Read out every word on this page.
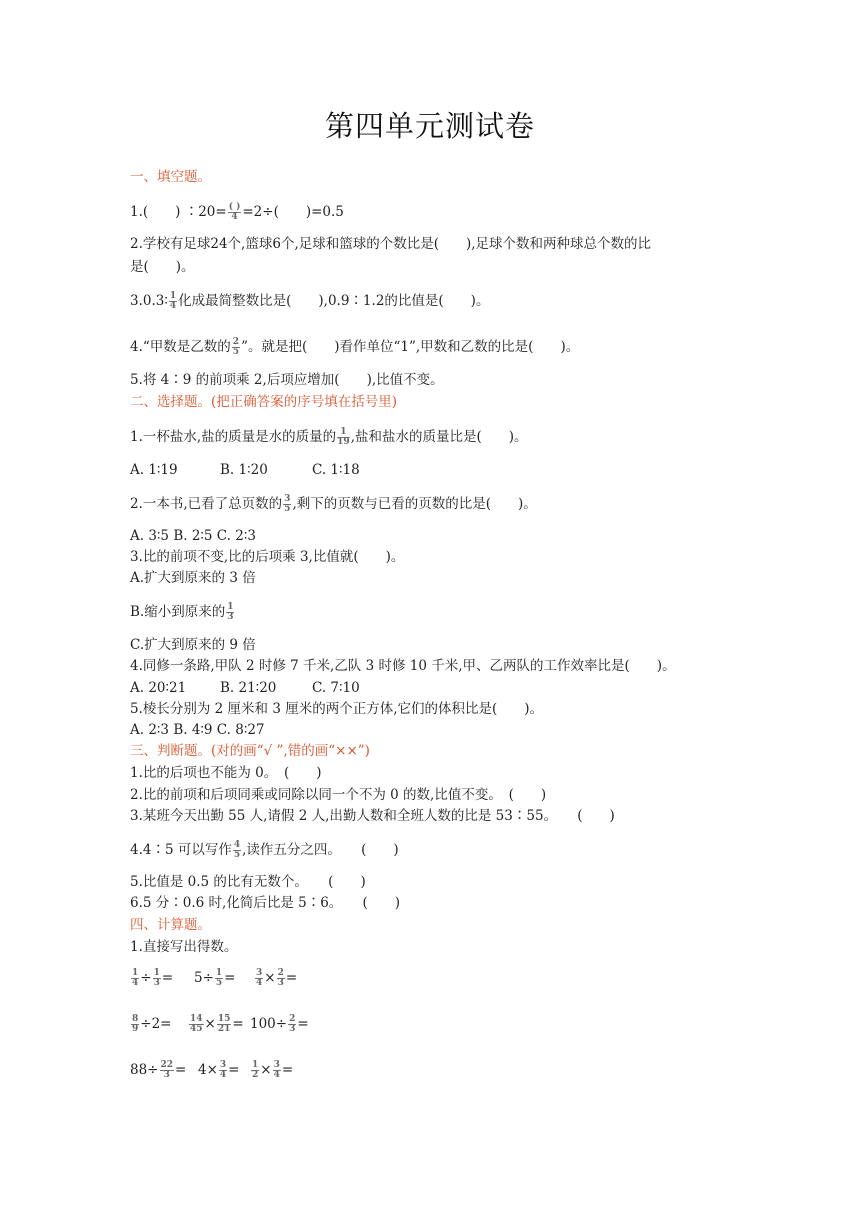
第四单元测试卷
一、填空题。
1.(　　) ∶20= $\frac{( )}{4} =2\div$(　　)=0.5
2.学校有足球24个,篮球6个,足球和篮球的个数比是(　　),足球个数和两种球总个数的比
是(　　)。
3.0.3∶ $\frac{1}{4}$ 化成最简整数比是(　　),0.9∶1.2的比值是(　　)。
4.“甲数是乙数的 $\frac{2}{5}$ ”。就是把(　　)看作单位“1”,甲数和乙数的比是(　　)。
5.将 4∶9 的前项乘 2,后项应增加(　　),比值不变。
二、选择题。(把正确答案的序号填在括号里)
1.一杯盐水,盐的质量是水的质量的 $\frac{1}{19}$ ,盐和盐水的质量比是(　　)。
A. 1∶19	B. 1∶20	C. 1∶18
2.一本书,已看了总页数的 $\frac{3}{5}$ ,剩下的页数与已看的页数的比是(　　)。
A. 3∶5 B. 2∶5 C. 2∶3
3.比的前项不变,比的后项乘 3,比值就(　　)。
A.扩大到原来的 3 倍
B.缩小到原来的 $\frac{1}{3}$
C.扩大到原来的 9 倍
4.同修一条路,甲队 2 时修 7 千米,乙队 3 时修 10 千米,甲、乙两队的工作效率比是(　　)。
A. 20∶21	B. 21∶20	C. 7∶10
5.棱长分别为 2 厘米和 3 厘米的两个正方体,它们的体积比是(　　)。
A. 2∶3 B. 4∶9 C. 8∶27
三、判断题。(对的画“√ ”,错的画“××”)
1.比的后项也不能为 0。　(　　)
2.比的前项和后项同乘或同除以同一个不为 0 的数,比值不变。　(　　)
3.某班今天出勤 55 人,请假 2 人,出勤人数和全班人数的比是 53∶55。　　(　　)
4.4∶5 可以写作 $\frac{4}{5}$ ,读作五分之四。　　(　　)
5.比值是 0.5 的比有无数个。　　(　　)
6.5 分∶0.6 时,化简后比是 5∶6。　　(　　)
四、计算题。
1.直接写出得数。
$\frac{1}{4} \div \frac{1}{3} = 5\div \frac{1}{5} = \frac{3}{4} \times \frac{2}{3}$ =
$\frac{8}{9} \div 2= \frac{14}{45} \times \frac{15}{21} = 100\div \frac{2}{3}$ =
$88\div \frac{22}{3} = 4\times \frac{3}{4} = \frac{1}{2} \times \frac{3}{4}$ =
